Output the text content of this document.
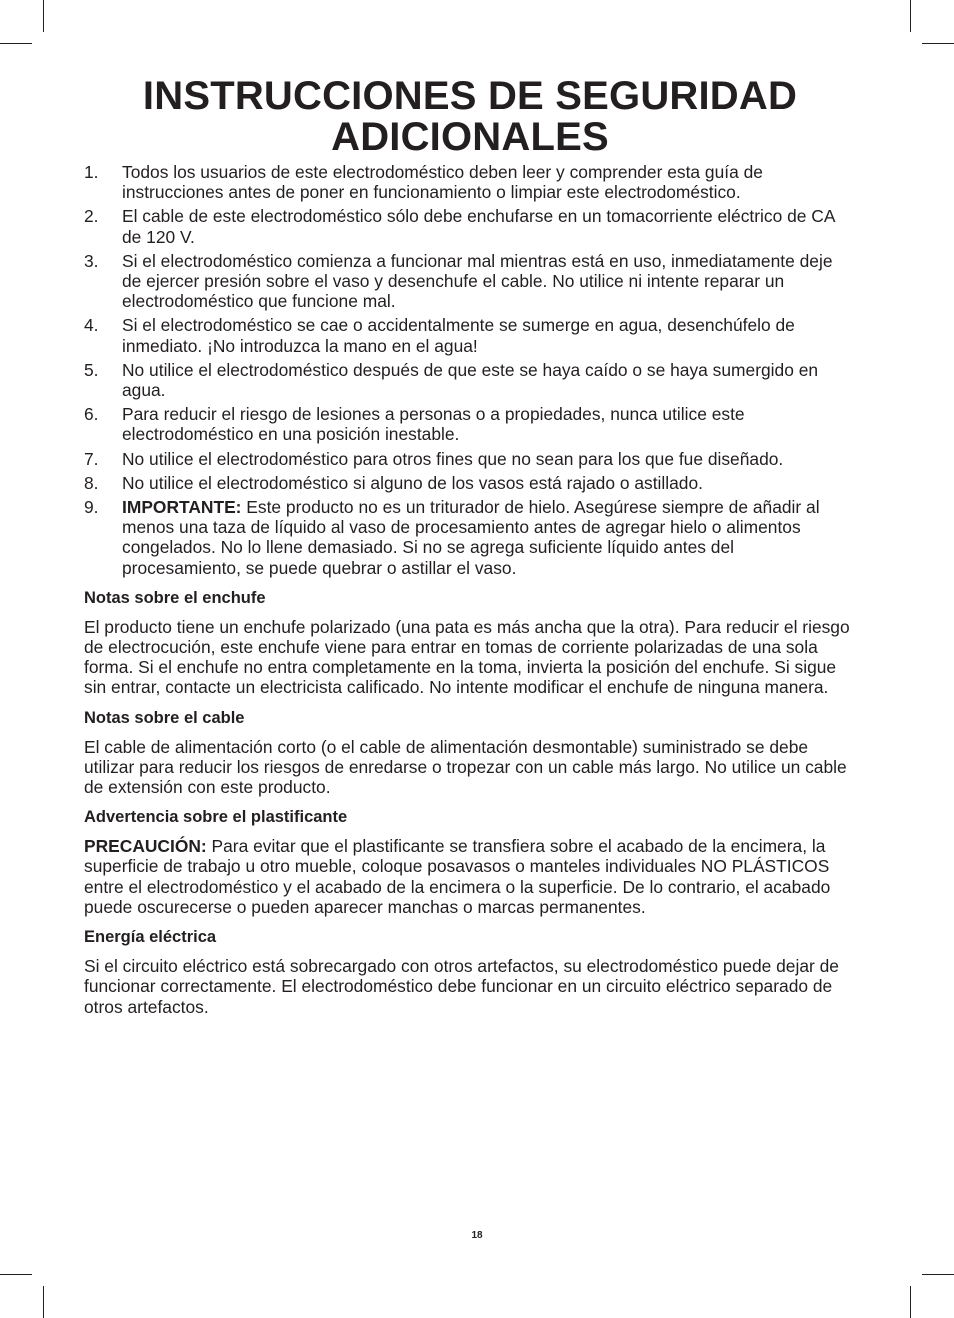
INSTRUCCIONES DE SEGURIDAD
ADICIONALES
1. Todos los usuarios de este electrodoméstico deben leer y comprender esta guía de instrucciones antes de poner en funcionamiento o limpiar este electrodoméstico.
2. El cable de este electrodoméstico sólo debe enchufarse en un tomacorriente eléctrico de CA de 120 V.
3. Si el electrodoméstico comienza a funcionar mal mientras está en uso, inmediatamente deje de ejercer presión sobre el vaso y desenchufe el cable. No utilice ni intente reparar un electrodoméstico que funcione mal.
4. Si el electrodoméstico se cae o accidentalmente se sumerge en agua, desenchúfelo de inmediato. ¡No introduzca la mano en el agua!
5. No utilice el electrodoméstico después de que este se haya caído o se haya sumergido en agua.
6. Para reducir el riesgo de lesiones a personas o a propiedades, nunca utilice este electrodoméstico en una posición inestable.
7. No utilice el electrodoméstico para otros fines que no sean para los que fue diseñado.
8. No utilice el electrodoméstico si alguno de los vasos está rajado o astillado.
9. IMPORTANTE: Este producto no es un triturador de hielo. Asegúrese siempre de añadir al menos una taza de líquido al vaso de procesamiento antes de agregar hielo o alimentos congelados. No lo llene demasiado. Si no se agrega suficiente líquido antes del procesamiento, se puede quebrar o astillar el vaso.
Notas sobre el enchufe

El producto tiene un enchufe polarizado (una pata es más ancha que la otra). Para reducir el riesgo de electrocución, este enchufe viene para entrar en tomas de corriente polarizadas de una sola forma. Si el enchufe no entra completamente en la toma, invierta la posición del enchufe. Si sigue sin entrar, contacte un electricista calificado. No intente modificar el enchufe de ninguna manera.

Notas sobre el cable

El cable de alimentación corto (o el cable de alimentación desmontable) suministrado se debe utilizar para reducir los riesgos de enredarse o tropezar con un cable más largo. No utilice un cable de extensión con este producto.

Advertencia sobre el plastificante

PRECAUCIÓN: Para evitar que el plastificante se transfiera sobre el acabado de la encimera, la superficie de trabajo u otro mueble, coloque posavasos o manteles individuales NO PLÁSTICOS entre el electrodoméstico y el acabado de la encimera o la superficie. De lo contrario, el acabado puede oscurecerse o pueden aparecer manchas o marcas permanentes.

Energía eléctrica

Si el circuito eléctrico está sobrecargado con otros artefactos, su electrodoméstico puede dejar de funcionar correctamente. El electrodoméstico debe funcionar en un circuito eléctrico separado de otros artefactos.

18
